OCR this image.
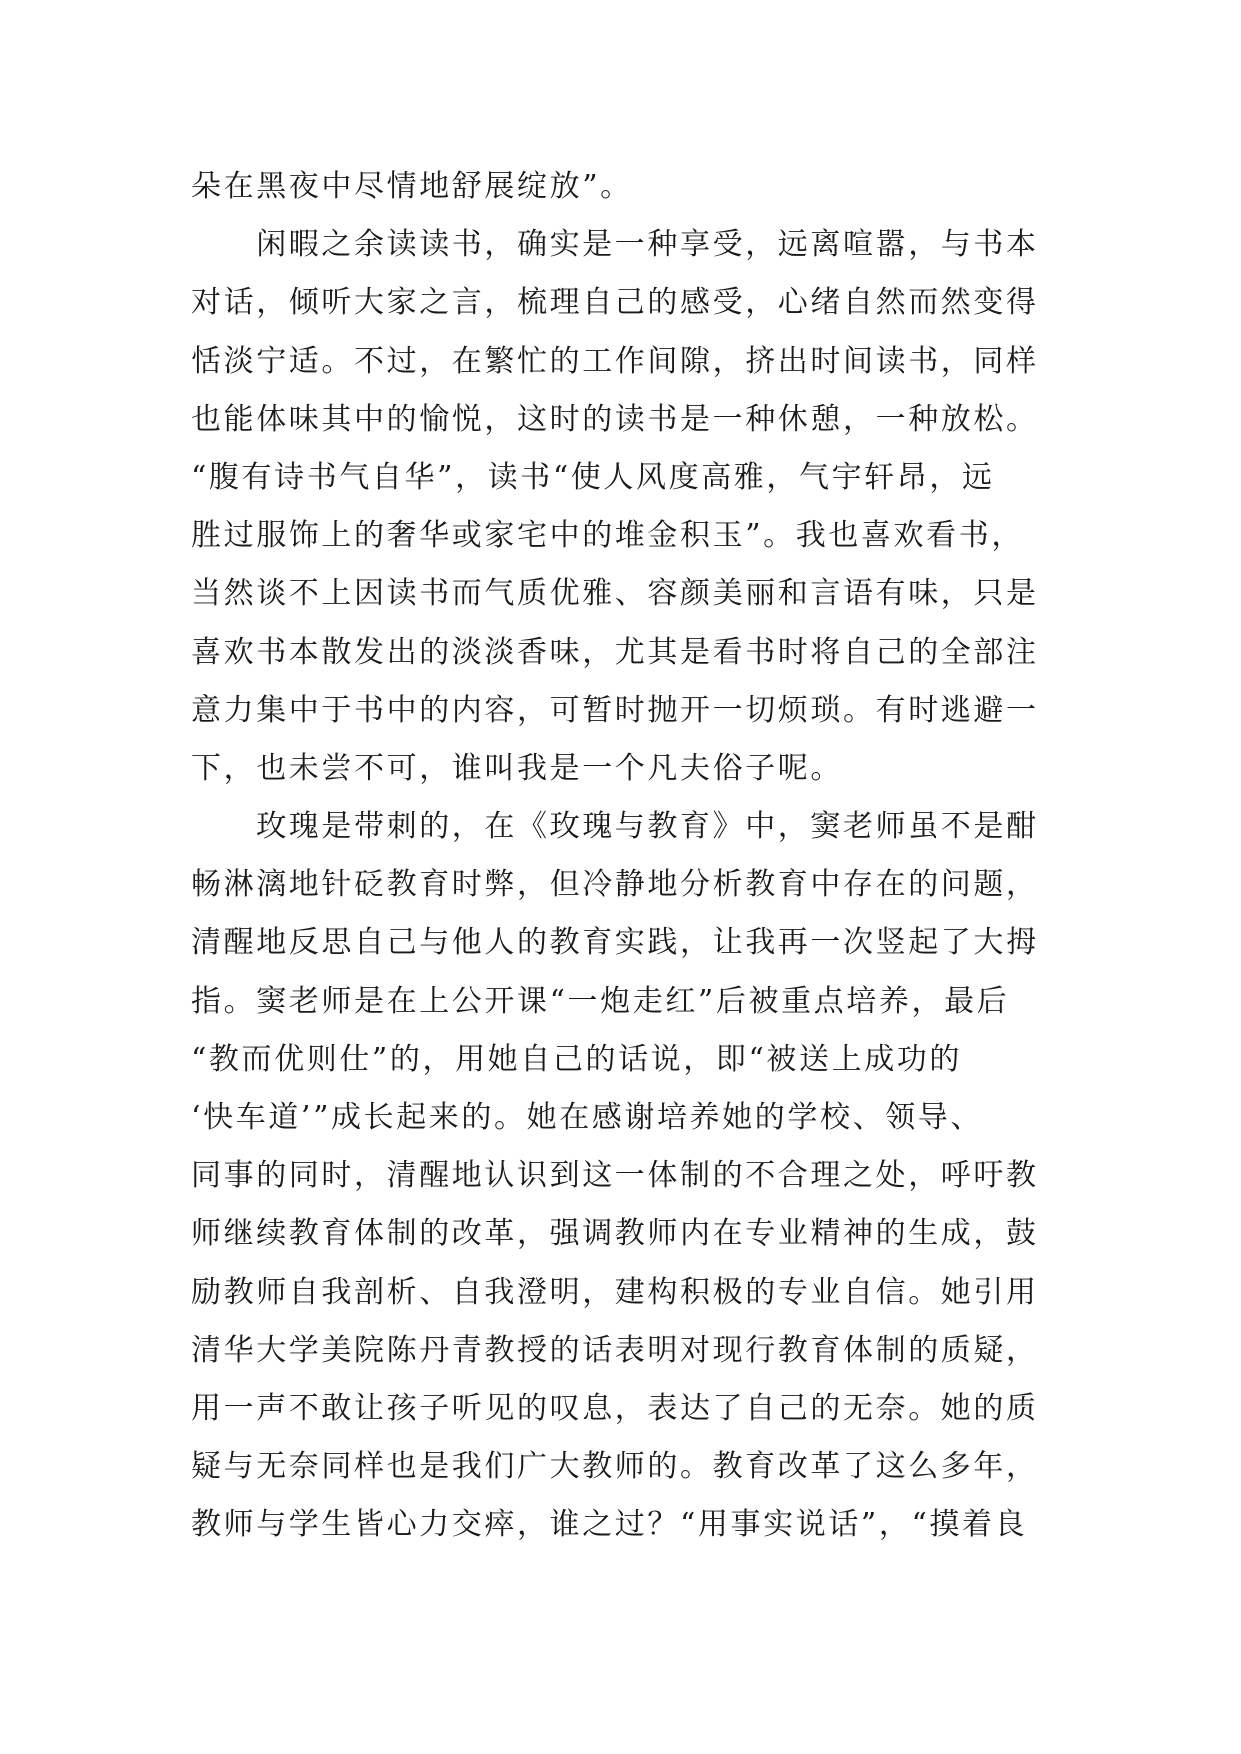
朵在黑夜中尽情地舒展绽放”。
　　闲暇之余读读书，确实是一种享受，远离喧嚣，与书本
对话，倾听大家之言，梳理自己的感受，心绪自然而然变得
恬淡宁适。不过，在繁忙的工作间隙，挤出时间读书，同样
也能体味其中的愉悦，这时的读书是一种休憩，一种放松。
“腹有诗书气自华”，读书“使人风度高雅，气宇轩昂，远
胜过服饰上的奢华或家宅中的堆金积玉”。我也喜欢看书，
当然谈不上因读书而气质优雅、容颜美丽和言语有味，只是
喜欢书本散发出的淡淡香味，尤其是看书时将自己的全部注
意力集中于书中的内容，可暂时抛开一切烦琐。有时逃避一
下，也未尝不可，谁叫我是一个凡夫俗子呢。
　　玫瑰是带刺的，在《玫瑰与教育》中，窦老师虽不是酣
畅淋漓地针砭教育时弊，但冷静地分析教育中存在的问题，
清醒地反思自己与他人的教育实践，让我再一次竖起了大拇
指。窦老师是在上公开课“一炮走红”后被重点培养，最后
“教而优则仕”的，用她自己的话说，即“被送上成功的
‘快车道’”成长起来的。她在感谢培养她的学校、领导、
同事的同时，清醒地认识到这一体制的不合理之处，呼吁教
师继续教育体制的改革，强调教师内在专业精神的生成，鼓
励教师自我剖析、自我澄明，建构积极的专业自信。她引用
清华大学美院陈丹青教授的话表明对现行教育体制的质疑，
用一声不敢让孩子听见的叹息，表达了自己的无奈。她的质
疑与无奈同样也是我们广大教师的。教育改革了这么多年，
教师与学生皆心力交瘁，谁之过？“用事实说话”，“摸着良
